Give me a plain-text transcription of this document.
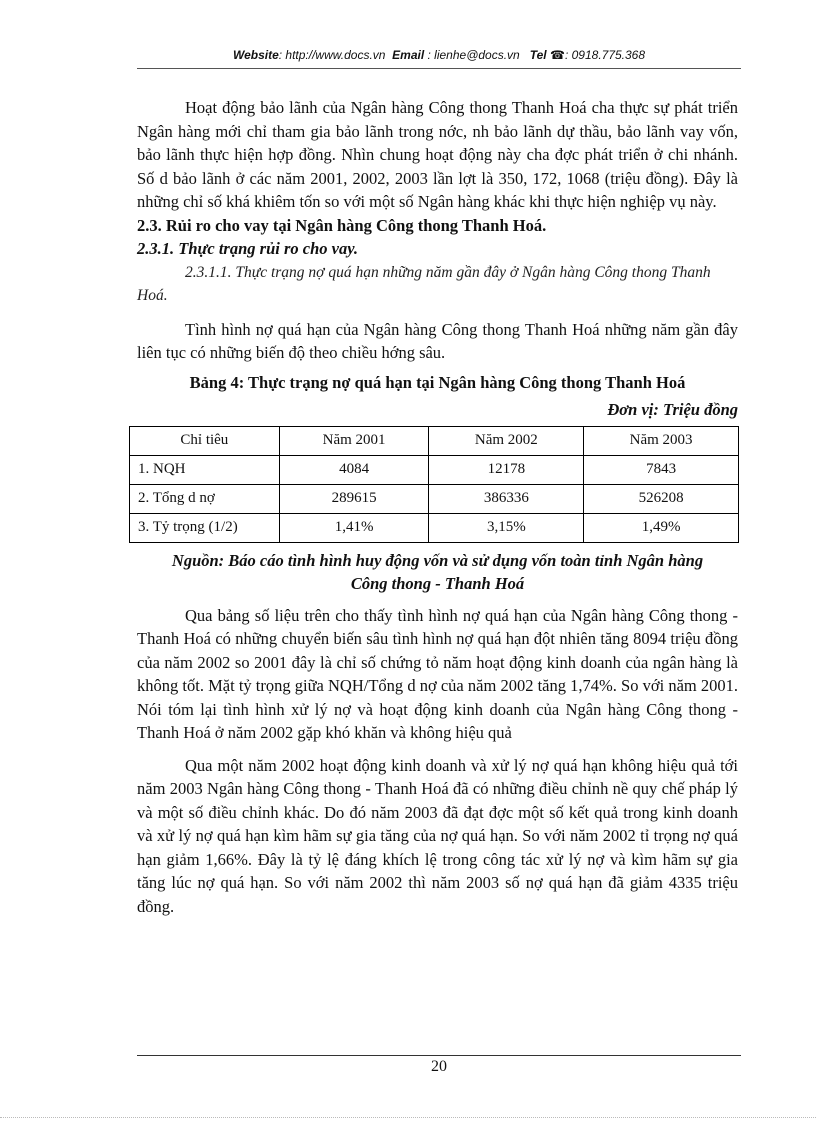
Website: http://www.docs.vn Email : lienhe@docs.vn Tel ☎: 0918.775.368

Hoạt động bảo lãnh của Ngân hàng Công thong Thanh Hoá cha thực sự phát triển Ngân hàng mới chỉ tham gia bảo lãnh trong nớc, nh bảo lãnh dự thầu, bảo lãnh vay vốn, bảo lãnh thực hiện hợp đồng. Nhìn chung hoạt động này cha đợc phát triển ở chi nhánh. Số d bảo lãnh ở các năm 2001, 2002, 2003 lần lợt là 350, 172, 1068 (triệu đồng). Đây là những chỉ số khá khiêm tốn so với một số Ngân hàng khác khi thực hiện nghiệp vụ này.

2.3. Rủi ro cho vay tại Ngân hàng Công thong Thanh Hoá.

2.3.1. Thực trạng rủi ro cho vay.

2.3.1.1. Thực trạng nợ quá hạn những năm gần đây ở Ngân hàng Công thong Thanh Hoá.

Tình hình nợ quá hạn của Ngân hàng Công thong Thanh Hoá những năm gần đây liên tục có những biến độ theo chiều hớng sâu.

Bảng 4: Thực trạng nợ quá hạn tại Ngân hàng Công thong Thanh Hoá

Đơn vị: Triệu đồng

Chỉ tiêu	Năm 2001	Năm 2002	Năm 2003
1. NQH	4084	12178	7843
2. Tổng d nợ	289615	386336	526208
3. Tỷ trọng (1/2)	1,41%	3,15%	1,49%

Nguồn: Báo cáo tình hình huy động vốn và sử dụng vốn toàn tỉnh Ngân hàng Công thong - Thanh Hoá

Qua bảng số liệu trên cho thấy tình hình nợ quá hạn của Ngân hàng Công thong - Thanh Hoá có những chuyển biến sâu tình hình nợ quá hạn đột nhiên tăng 8094 triệu đồng của năm 2002 so 2001 đây là chỉ số chứng tỏ năm hoạt động kinh doanh của ngân hàng là không tốt. Mặt tỷ trọng giữa NQH/Tổng d nợ của năm 2002 tăng 1,74%. So với năm 2001. Nói tóm lại tình hình xử lý nợ và hoạt động kinh doanh của Ngân hàng Công thong - Thanh Hoá ở năm 2002 gặp khó khăn và không hiệu quả

Qua một năm 2002 hoạt động kinh doanh và xử lý nợ quá hạn không hiệu quả tới năm 2003 Ngân hàng Công thong - Thanh Hoá đã có những điều chỉnh nề quy chế pháp lý và một số điều chỉnh khác. Do đó năm 2003 đã đạt đợc một số kết quả trong kinh doanh và xử lý nợ quá hạn kìm hãm sự gia tăng của nợ quá hạn. So với năm 2002 tỉ trọng nợ quá hạn giảm 1,66%. Đây là tỷ lệ đáng khích lệ trong công tác xử lý nợ và kìm hãm sự gia tăng lúc nợ quá hạn. So với năm 2002 thì năm 2003 số nợ quá hạn đã giảm 4335 triệu đồng.

20
